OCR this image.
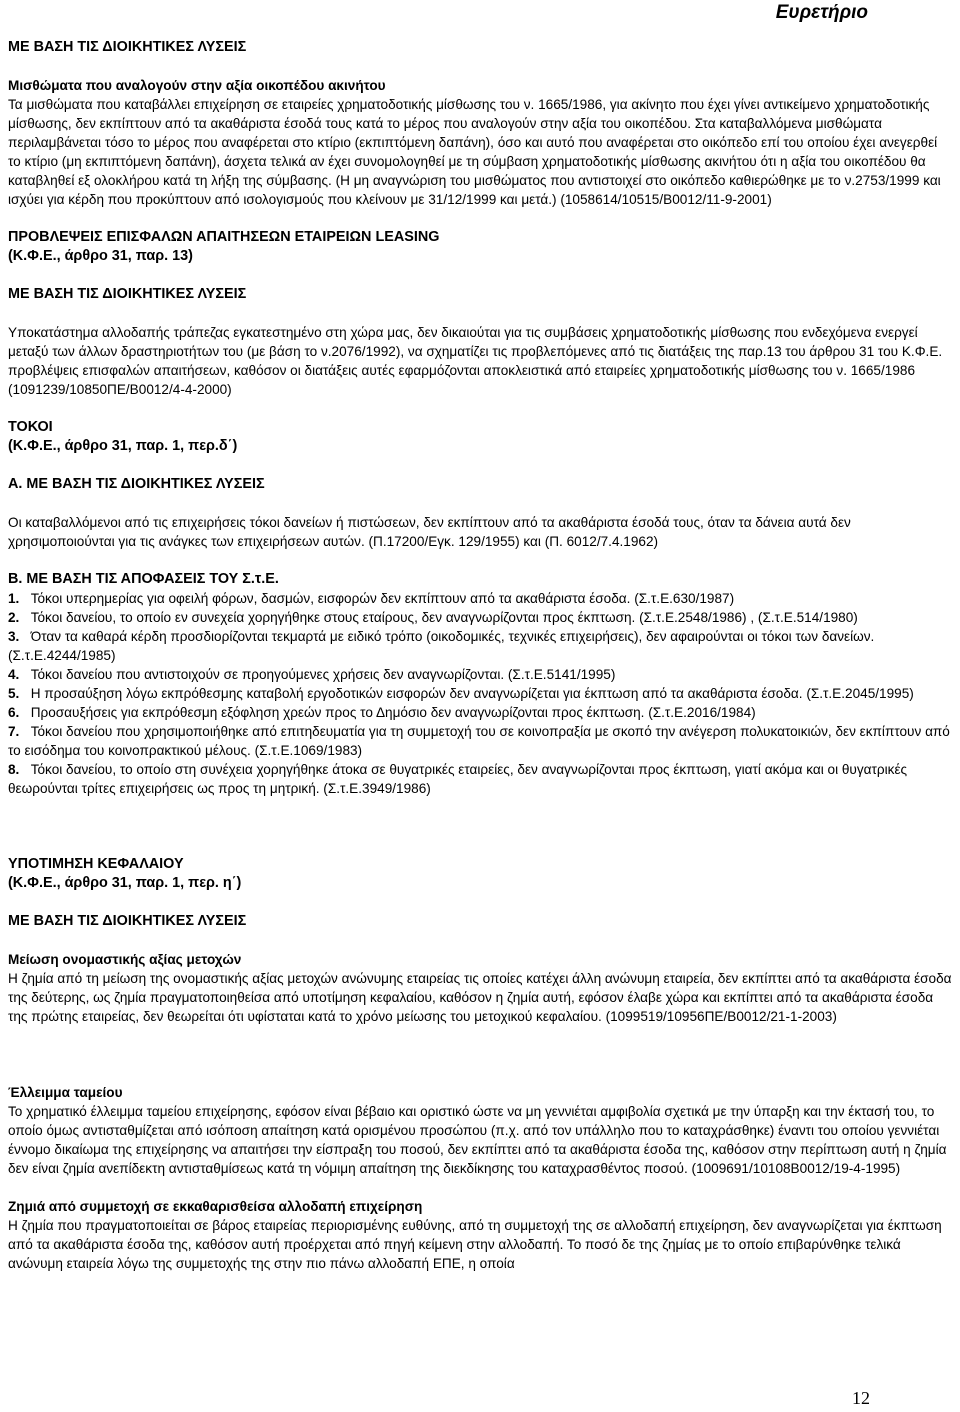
Ευρετήριο

ΜΕ ΒΑΣΗ ΤΙΣ ΔΙΟΙΚΗΤΙΚΕΣ ΛΥΣΕΙΣ

Μισθώματα που αναλογούν στην αξία οικοπέδου ακινήτου

Τα μισθώματα που καταβάλλει επιχείρηση σε εταιρείες χρηματοδοτικής μίσθωσης του ν. 1665/1986, για ακίνητο που έχει γίνει αντικείμενο χρηματοδοτικής μίσθωσης, δεν εκπίπτουν από τα ακαθάριστα έσοδά τους κατά το μέρος που αναλογούν στην αξία του οικοπέδου. Στα καταβαλλόμενα μισθώματα περιλαμβάνεται τόσο το μέρος που αναφέρεται στο κτίριο (εκπιπτόμενη δαπάνη), όσο και αυτό που αναφέρεται στο οικόπεδο επί του οποίου έχει ανεγερθεί το κτίριο (μη εκπιπτόμενη δαπάνη), άσχετα τελικά αν έχει συνομολογηθεί με τη σύμβαση χρηματοδοτικής μίσθωσης ακινήτου ότι η αξία του οικοπέδου θα καταβληθεί εξ ολοκλήρου κατά τη λήξη της σύμβασης. (Η μη αναγνώριση του μισθώματος που αντιστοιχεί στο οικόπεδο καθιερώθηκε με το ν.2753/1999 και ισχύει για κέρδη που προκύπτουν από ισολογισμούς που κλείνουν με 31/12/1999 και μετά.) (1058614/10515/Β0012/11-9-2001)

ΠΡΟΒΛΕΨΕΙΣ ΕΠΙΣΦΑΛΩΝ ΑΠΑΙΤΗΣΕΩΝ ΕΤΑΙΡΕΙΩΝ LEASING

(Κ.Φ.Ε., άρθρο 31, παρ. 13)

ΜΕ ΒΑΣΗ ΤΙΣ ΔΙΟΙΚΗΤΙΚΕΣ ΛΥΣΕΙΣ

Υποκατάστημα αλλοδαπής τράπεζας εγκατεστημένο στη χώρα μας, δεν δικαιούται για τις συμβάσεις χρηματοδοτικής μίσθωσης που ενδεχόμενα ενεργεί μεταξύ των άλλων δραστηριοτήτων του (με βάση το ν.2076/1992), να σχηματίζει τις προβλεπόμενες από τις διατάξεις της παρ.13 του άρθρου 31 του Κ.Φ.Ε. προβλέψεις επισφαλών απαιτήσεων, καθόσον οι διατάξεις αυτές εφαρμόζονται αποκλειστικά από εταιρείες χρηματοδοτικής μίσθωσης του ν. 1665/1986 (1091239/10850ΠΕ/Β0012/4-4-2000)

ΤΟΚΟΙ

(Κ.Φ.Ε., άρθρο 31, παρ. 1, περ.δ΄)

Α. ΜΕ ΒΑΣΗ ΤΙΣ ΔΙΟΙΚΗΤΙΚΕΣ ΛΥΣΕΙΣ

Οι καταβαλλόμενοι από τις επιχειρήσεις τόκοι δανείων ή πιστώσεων, δεν εκπίπτουν από τα ακαθάριστα έσοδά τους, όταν τα δάνεια αυτά δεν χρησιμοποιούνται για τις ανάγκες των επιχειρήσεων αυτών. (Π.17200/Εγκ. 129/1955) και (Π. 6012/7.4.1962)

Β. ΜΕ ΒΑΣΗ ΤΙΣ ΑΠΟΦΑΣΕΙΣ ΤΟΥ Σ.τ.Ε.

1. Τόκοι υπερημερίας για οφειλή φόρων, δασμών, εισφορών δεν εκπίπτουν από τα ακαθάριστα έσοδα. (Σ.τ.Ε.630/1987)

2. Τόκοι δανείου, το οποίο εν συνεχεία χορηγήθηκε στους εταίρους, δεν αναγνωρίζονται προς έκπτωση. (Σ.τ.Ε.2548/1986) , (Σ.τ.Ε.514/1980)

3. Όταν τα καθαρά κέρδη προσδιορίζονται τεκμαρτά με ειδικό τρόπο (οικοδομικές, τεχνικές επιχειρήσεις), δεν αφαιρούνται οι τόκοι των δανείων. (Σ.τ.Ε.4244/1985)

4. Τόκοι δανείου που αντιστοιχούν σε προηγούμενες χρήσεις δεν αναγνωρίζονται. (Σ.τ.Ε.5141/1995)

5. Η προσαύξηση λόγω εκπρόθεσμης καταβολή εργοδοτικών εισφορών δεν αναγνωρίζεται για έκπτωση από τα ακαθάριστα έσοδα. (Σ.τ.Ε.2045/1995)

6. Προσαυξήσεις για εκπρόθεσμη εξόφληση χρεών προς το Δημόσιο δεν αναγνωρίζονται προς έκπτωση. (Σ.τ.Ε.2016/1984)

7. Τόκοι δανείου που χρησιμοποιήθηκε από επιτηδευματία για τη συμμετοχή του σε κοινοπραξία με σκοπό την ανέγερση πολυκατοικιών, δεν εκπίπτουν από το εισόδημα του κοινοπρακτικού μέλους. (Σ.τ.Ε.1069/1983)

8. Τόκοι δανείου, το οποίο στη συνέχεια χορηγήθηκε άτοκα σε θυγατρικές εταιρείες, δεν αναγνωρίζονται προς έκπτωση, γιατί ακόμα και οι θυγατρικές θεωρούνται τρίτες επιχειρήσεις ως προς τη μητρική. (Σ.τ.Ε.3949/1986)

ΥΠΟΤΙΜΗΣΗ ΚΕΦΑΛΑΙΟΥ

(Κ.Φ.Ε., άρθρο 31, παρ. 1, περ. η΄)

ΜΕ ΒΑΣΗ ΤΙΣ ΔΙΟΙΚΗΤΙΚΕΣ ΛΥΣΕΙΣ

Μείωση ονομαστικής αξίας μετοχών

Η ζημία από τη μείωση της ονομαστικής αξίας μετοχών ανώνυμης εταιρείας τις οποίες κατέχει άλλη ανώνυμη εταιρεία, δεν εκπίπτει από τα ακαθάριστα έσοδα της δεύτερης, ως ζημία πραγματοποιηθείσα από υποτίμηση κεφαλαίου, καθόσον η ζημία αυτή, εφόσον έλαβε χώρα και εκπίπτει από τα ακαθάριστα έσοδα της πρώτης εταιρείας, δεν θεωρείται ότι υφίσταται κατά το χρόνο μείωσης του μετοχικού κεφαλαίου. (1099519/10956ΠΕ/Β0012/21-1-2003)

Έλλειμμα ταμείου

Το χρηματικό έλλειμμα ταμείου επιχείρησης, εφόσον είναι βέβαιο και οριστικό ώστε να μη γεννιέται αμφιβολία σχετικά με την ύπαρξη και την έκτασή του, το οποίο όμως αντισταθμίζεται από ισόποση απαίτηση κατά ορισμένου προσώπου (π.χ. από τον υπάλληλο που το καταχράσθηκε) έναντι του οποίου γεννιέται έννομο δικαίωμα της επιχείρησης να απαιτήσει την είσπραξη του ποσού, δεν εκπίπτει από τα ακαθάριστα έσοδα της, καθόσον στην περίπτωση αυτή η ζημία δεν είναι ζημία ανεπίδεκτη αντισταθμίσεως κατά τη νόμιμη απαίτηση της διεκδίκησης του καταχρασθέντος ποσού. (1009691/10108Β0012/19-4-1995)

Ζημιά από συμμετοχή σε εκκαθαρισθείσα αλλοδαπή επιχείρηση

Η ζημία που πραγματοποιείται σε βάρος εταιρείας περιορισμένης ευθύνης, από τη συμμετοχή της σε αλλοδαπή επιχείρηση, δεν αναγνωρίζεται για έκπτωση από τα ακαθάριστα έσοδα της, καθόσον αυτή προέρχεται από πηγή κείμενη στην αλλοδαπή. Το ποσό δε της ζημίας με το οποίο επιβαρύνθηκε τελικά ανώνυμη εταιρεία λόγω της συμμετοχής της στην πιο πάνω αλλοδαπή ΕΠΕ, η οποία

12
